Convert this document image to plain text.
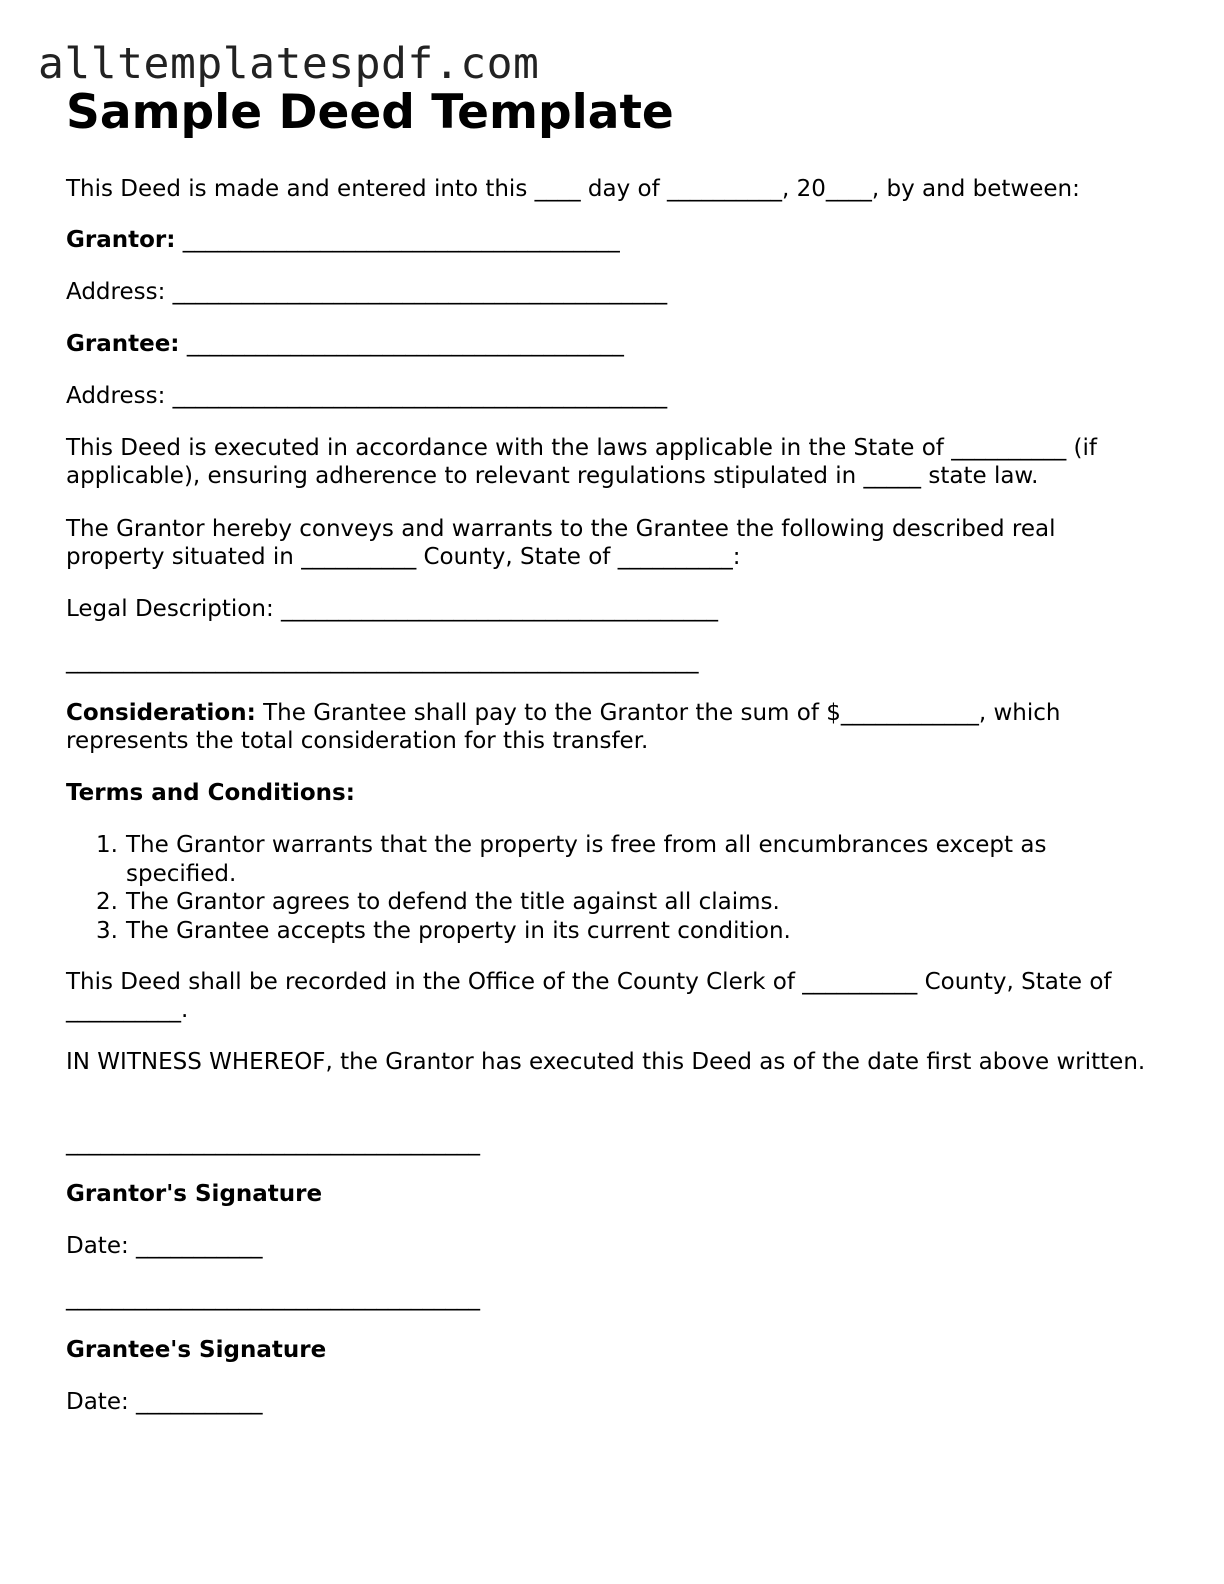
alltemplatespdf.com
Sample Deed Template
This Deed is made and entered into this ____ day of __________, 20____, by and between:
Grantor: ______________________________________
Address: ___________________________________________
Grantee: ______________________________________
Address: ___________________________________________
This Deed is executed in accordance with the laws applicable in the State of __________ (if applicable), ensuring adherence to relevant regulations stipulated in _____ state law.
The Grantor hereby conveys and warrants to the Grantee the following described real property situated in __________ County, State of __________:
Legal Description: ______________________________________
_______________________________________________________
Consideration: The Grantee shall pay to the Grantor the sum of $____________, which represents the total consideration for this transfer.
Terms and Conditions:
1. The Grantor warrants that the property is free from all encumbrances except as specified.
2. The Grantor agrees to defend the title against all claims.
3. The Grantee accepts the property in its current condition.
This Deed shall be recorded in the Office of the County Clerk of __________ County, State of __________.
IN WITNESS WHEREOF, the Grantor has executed this Deed as of the date first above written.
____________________________________
Grantor's Signature
Date: ___________
____________________________________
Grantee's Signature
Date: ___________
